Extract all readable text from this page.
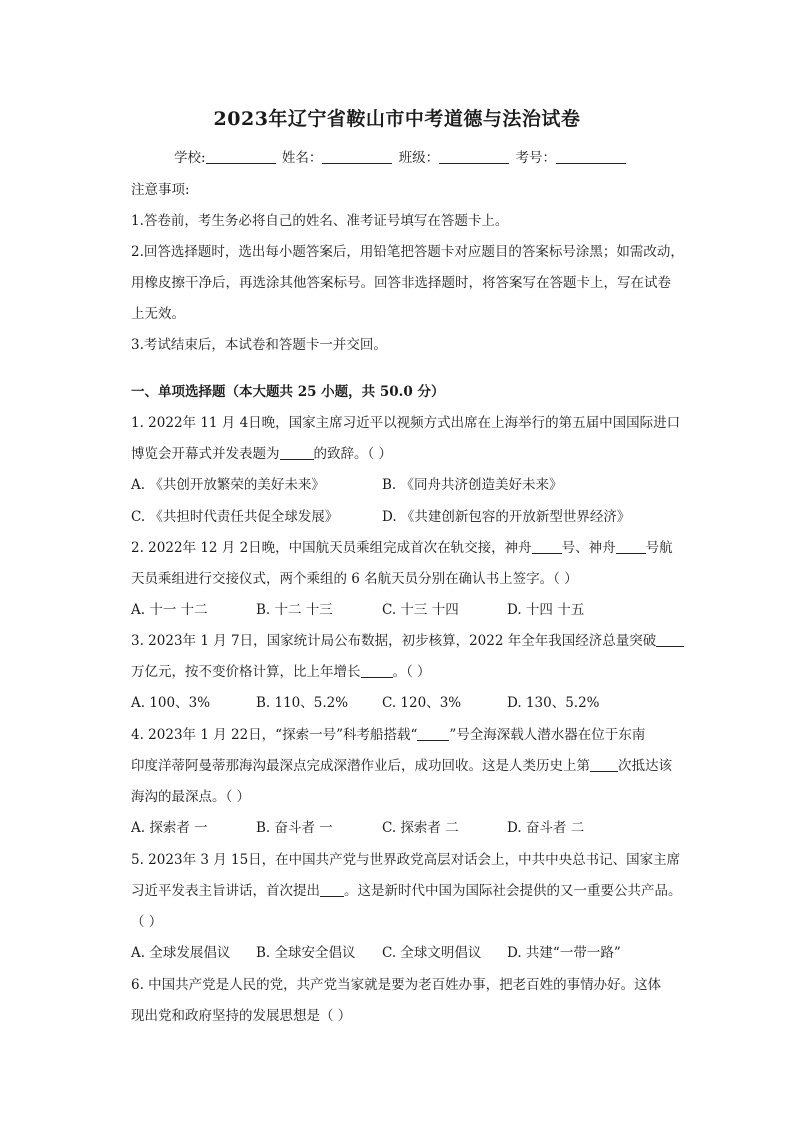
2023年辽宁省鞍山市中考道德与法治试卷
学校:	姓名：	班级：	考号：
注意事项:
1.答卷前，考生务必将自己的姓名、准考证号填写在答题卡上。
2.回答选择题时，选出每小题答案后，用铅笔把答题卡对应题目的答案标号涂黑；如需改动，
用橡皮擦干净后，再选涂其他答案标号。回答非选择题时，将答案写在答题卡上，写在试卷
上无效。
3.考试结束后，本试卷和答题卡一并交回。
一、单项选择题（本大题共 25 小题，共 50.0 分）
1. 2022年 11 月 4日晚，国家主席习近平以视频方式出席在上海举行的第五届中国国际进口
博览会开幕式并发表题为	的致辞。（ ）
A. 《共创开放繁荣的美好未来》	B. 《同舟共济创造美好未来》
C. 《共担时代责任共促全球发展》	D. 《共建创新包容的开放新型世界经济》
2. 2022年 12 月 2日晚，中国航天员乘组完成首次在轨交接，神舟 号、神舟 号航
天员乘组进行交接仪式，两个乘组的 6 名航天员分别在确认书上签字。（ ）
A. 十一 十二	B. 十二 十三	C. 十三 十四	D. 十四 十五
3. 2023年 1 月 7日，国家统计局公布数据，初步核算，2022 年全年我国经济总量突破
万亿元，按不变价格计算，比上年增长 。（ ）
A. 100、3%	B. 110、5.2%	C. 120、3%	D. 130、5.2%
4. 2023年 1 月 22日，“探索一号”科考船搭载“ ”号全海深载人潜水器在位于东南
印度洋蒂阿曼蒂那海沟最深点完成深潜作业后，成功回收。这是人类历史上第 次抵达该
海沟的最深点。（ ）
A. 探索者 一	B. 奋斗者 一	C. 探索者 二	D. 奋斗者 二
5. 2023年 3 月 15日，在中国共产党与世界政党高层对话会上，中共中央总书记、国家主席
习近平发表主旨讲话，首次提出 。这是新时代中国为国际社会提供的又一重要公共产品。
（ ）
A. 全球发展倡议 B. 全球安全倡议 C. 全球文明倡议 D. 共建“一带一路”
6. 中国共产党是人民的党，共产党当家就是要为老百姓办事，把老百姓的事情办好。这体
现出党和政府坚持的发展思想是（ ）
